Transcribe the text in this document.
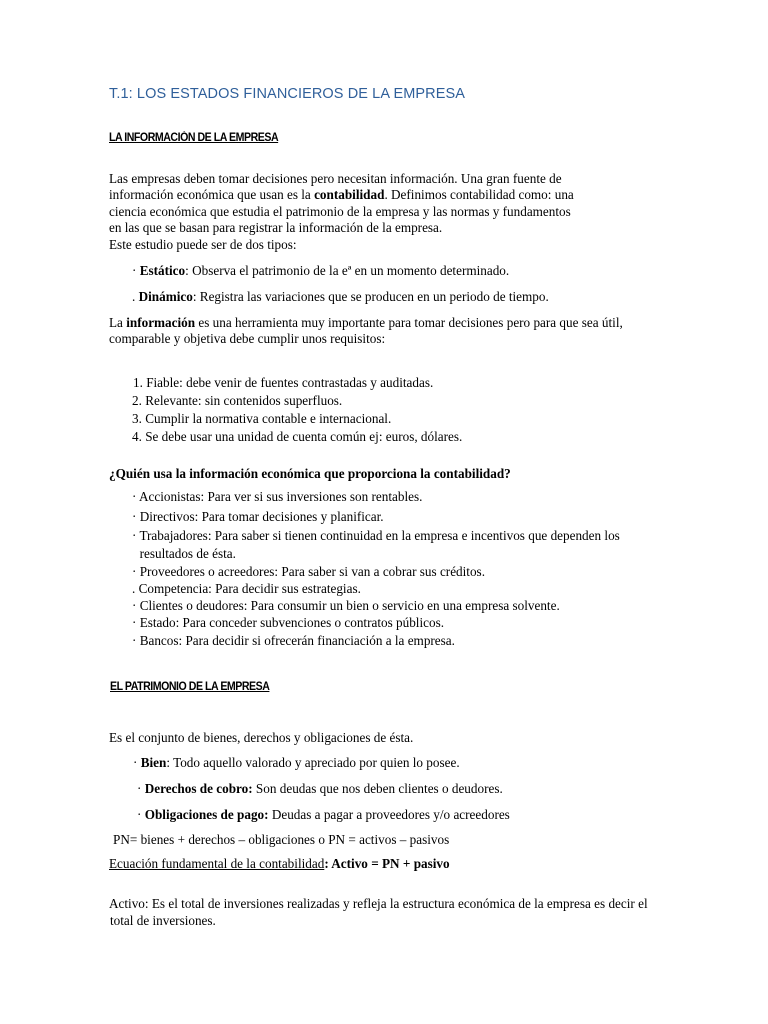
T.1: LOS ESTADOS FINANCIEROS DE LA EMPRESA
LA INFORMACIÓN DE LA EMPRESA
Las empresas deben tomar decisiones pero necesitan información. Una gran fuente de
información económica que usan es la contabilidad. Definimos contabilidad como: una
ciencia económica que estudia el patrimonio de la empresa y las normas y fundamentos
en las que se basan para registrar la información de la empresa.
Este estudio puede ser de dos tipos:
· Estático: Observa el patrimonio de la eª en un momento determinado.
. Dinámico: Registra las variaciones que se producen en un periodo de tiempo.
La información es una herramienta muy importante para tomar decisiones pero para que sea útil,
comparable y objetiva debe cumplir unos requisitos:
1. Fiable: debe venir de fuentes contrastadas y auditadas.
2. Relevante: sin contenidos superfluos.
3. Cumplir la normativa contable e internacional.
4. Se debe usar una unidad de cuenta común ej: euros, dólares.
¿Quién usa la información económica que proporciona la contabilidad?
· Accionistas: Para ver si sus inversiones son rentables.
· Directivos: Para tomar decisiones y planificar.
· Trabajadores: Para saber si tienen continuidad en la empresa e incentivos que dependen los
resultados de ésta.
· Proveedores o acreedores: Para saber si van a cobrar sus créditos.
. Competencia: Para decidir sus estrategias.
· Clientes o deudores: Para consumir un bien o servicio en una empresa solvente.
· Estado: Para conceder subvenciones o contratos públicos.
· Bancos: Para decidir si ofrecerán financiación a la empresa.
EL PATRIMONIO DE LA EMPRESA
Es el conjunto de bienes, derechos y obligaciones de ésta.
· Bien: Todo aquello valorado y apreciado por quien lo posee.
· Derechos de cobro: Son deudas que nos deben clientes o deudores.
· Obligaciones de pago: Deudas a pagar a proveedores y/o acreedores
PN= bienes + derechos – obligaciones o PN = activos – pasivos
Ecuación fundamental de la contabilidad: Activo = PN + pasivo
Activo: Es el total de inversiones realizadas y refleja la estructura económica de la empresa es decir el
total de inversiones.
